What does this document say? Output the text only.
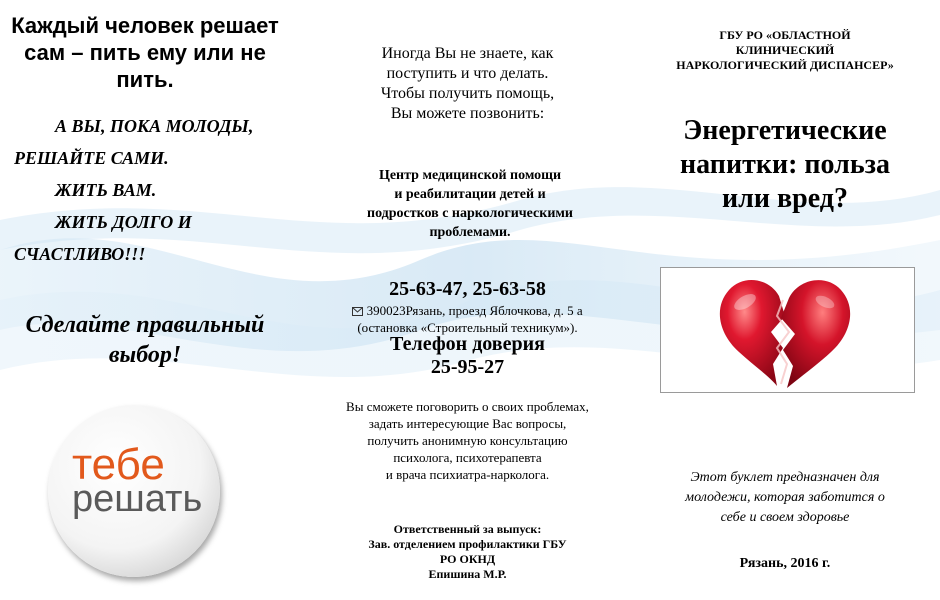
Каждый человек решает сам – пить ему или не пить.

А ВЫ, ПОКА МОЛОДЫ,
РЕШАЙТЕ САМИ.
ЖИТЬ ВАМ.
ЖИТЬ ДОЛГО И
СЧАСТЛИВО!!!

Сделайте правильный выбор!

тебе
решать
Иногда Вы не знаете, как
поступить и что делать.
Чтобы получить помощь,
Вы можете позвонить:
Центр медицинской помощи
и реабилитации детей и
подростков с наркологическими
проблемами.
25-63-47, 25-63-58
390023Рязань, проезд Яблочкова, д. 5 а
(остановка «Строительный техникум»).
Телефон доверия
25-95-27
Вы сможете поговорить о своих проблемах,
задать интересующие Вас вопросы,
получить анонимную консультацию
психолога, психотерапевта
и врача психиатра-нарколога.
Ответственный за выпуск:
Зав. отделением профилактики ГБУ
РО ОКНД
Епишина М.Р.
ГБУ РО «ОБЛАСТНОЙ
КЛИНИЧЕСКИЙ
НАРКОЛОГИЧЕСКИЙ ДИСПАНСЕР»
Энергетические
напитки: польза
или вред?
Этот буклет предназначен для
молодежи, которая заботится о
себе и своем здоровье
Рязань, 2016 г.
